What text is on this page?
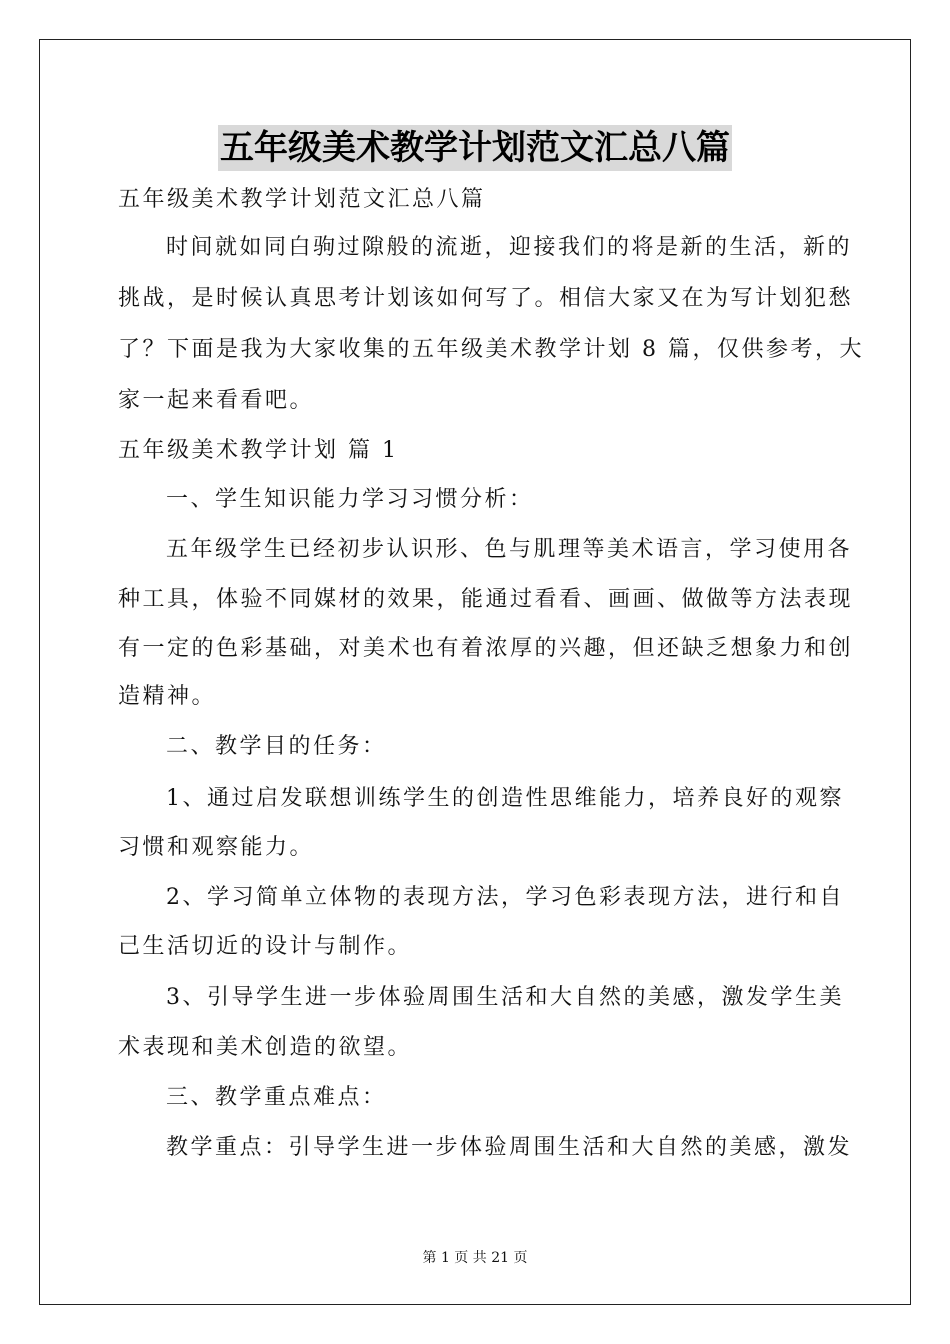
五年级美术教学计划范文汇总八篇
五年级美术教学计划范文汇总八篇
时间就如同白驹过隙般的流逝，迎接我们的将是新的生活，新的
挑战，是时候认真思考计划该如何写了。相信大家又在为写计划犯愁
了？下面是我为大家收集的五年级美术教学计划 8 篇，仅供参考，大
家一起来看看吧。
五年级美术教学计划 篇 1
一、学生知识能力学习习惯分析：
五年级学生已经初步认识形、色与肌理等美术语言，学习使用各
种工具，体验不同媒材的效果，能通过看看、画画、做做等方法表现
有一定的色彩基础，对美术也有着浓厚的兴趣，但还缺乏想象力和创
造精神。
二、教学目的任务：
1、通过启发联想训练学生的创造性思维能力，培养良好的观察
习惯和观察能力。
2、学习简单立体物的表现方法，学习色彩表现方法，进行和自
己生活切近的设计与制作。
3、引导学生进一步体验周围生活和大自然的美感，激发学生美
术表现和美术创造的欲望。
三、教学重点难点：
教学重点：引导学生进一步体验周围生活和大自然的美感，激发
第 1 页 共 21 页
